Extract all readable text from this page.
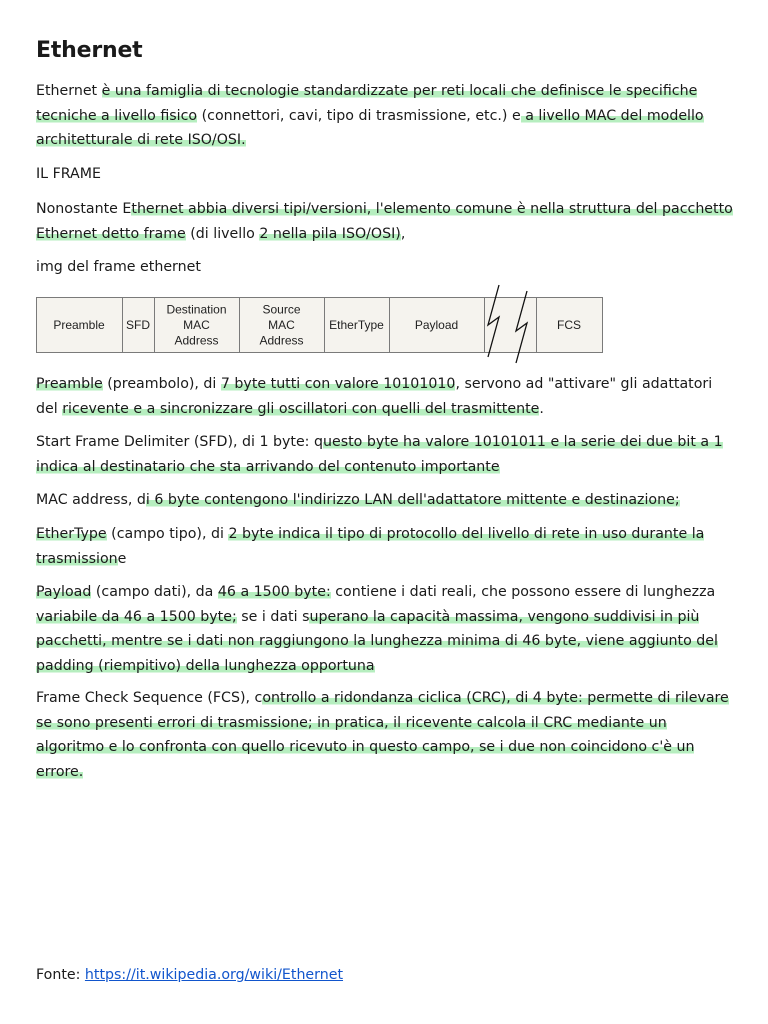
Ethernet

Ethernet è una famiglia di tecnologie standardizzate per reti locali che definisce le specifiche tecniche a livello fisico (connettori, cavi, tipo di trasmissione, etc.) e a livello MAC del modello architetturale di rete ISO/OSI.

IL FRAME

Nonostante Ethernet abbia diversi tipi/versioni, l'elemento comune è nella struttura del pacchetto Ethernet detto frame (di livello 2 nella pila ISO/OSI),

img del frame ethernet

Preamble SFD
Destination
MAC
Address
Source
MAC
Address
EtherType	Payload	FCS

Preamble (preambolo), di 7 byte tutti con valore 10101010, servono ad "attivare" gli adattatori del ricevente e a sincronizzare gli oscillatori con quelli del trasmittente.

Start Frame Delimiter (SFD), di 1 byte: questo byte ha valore 10101011 e la serie dei due bit a 1 indica al destinatario che sta arrivando del contenuto importante

MAC address, di 6 byte contengono l'indirizzo LAN dell'adattatore mittente e destinazione;

EtherType (campo tipo), di 2 byte indica il tipo di protocollo del livello di rete in uso durante la trasmissione

Payload (campo dati), da 46 a 1500 byte: contiene i dati reali, che possono essere di lunghezza variabile da 46 a 1500 byte; se i dati superano la capacità massima, vengono suddivisi in più pacchetti, mentre se i dati non raggiungono la lunghezza minima di 46 byte, viene aggiunto del padding (riempitivo) della lunghezza opportuna

Frame Check Sequence (FCS), controllo a ridondanza ciclica (CRC), di 4 byte: permette di rilevare se sono presenti errori di trasmissione; in pratica, il ricevente calcola il CRC mediante un algoritmo e lo confronta con quello ricevuto in questo campo, se i due non coincidono c'è un errore.

Fonte: https://it.wikipedia.org/wiki/Ethernet
